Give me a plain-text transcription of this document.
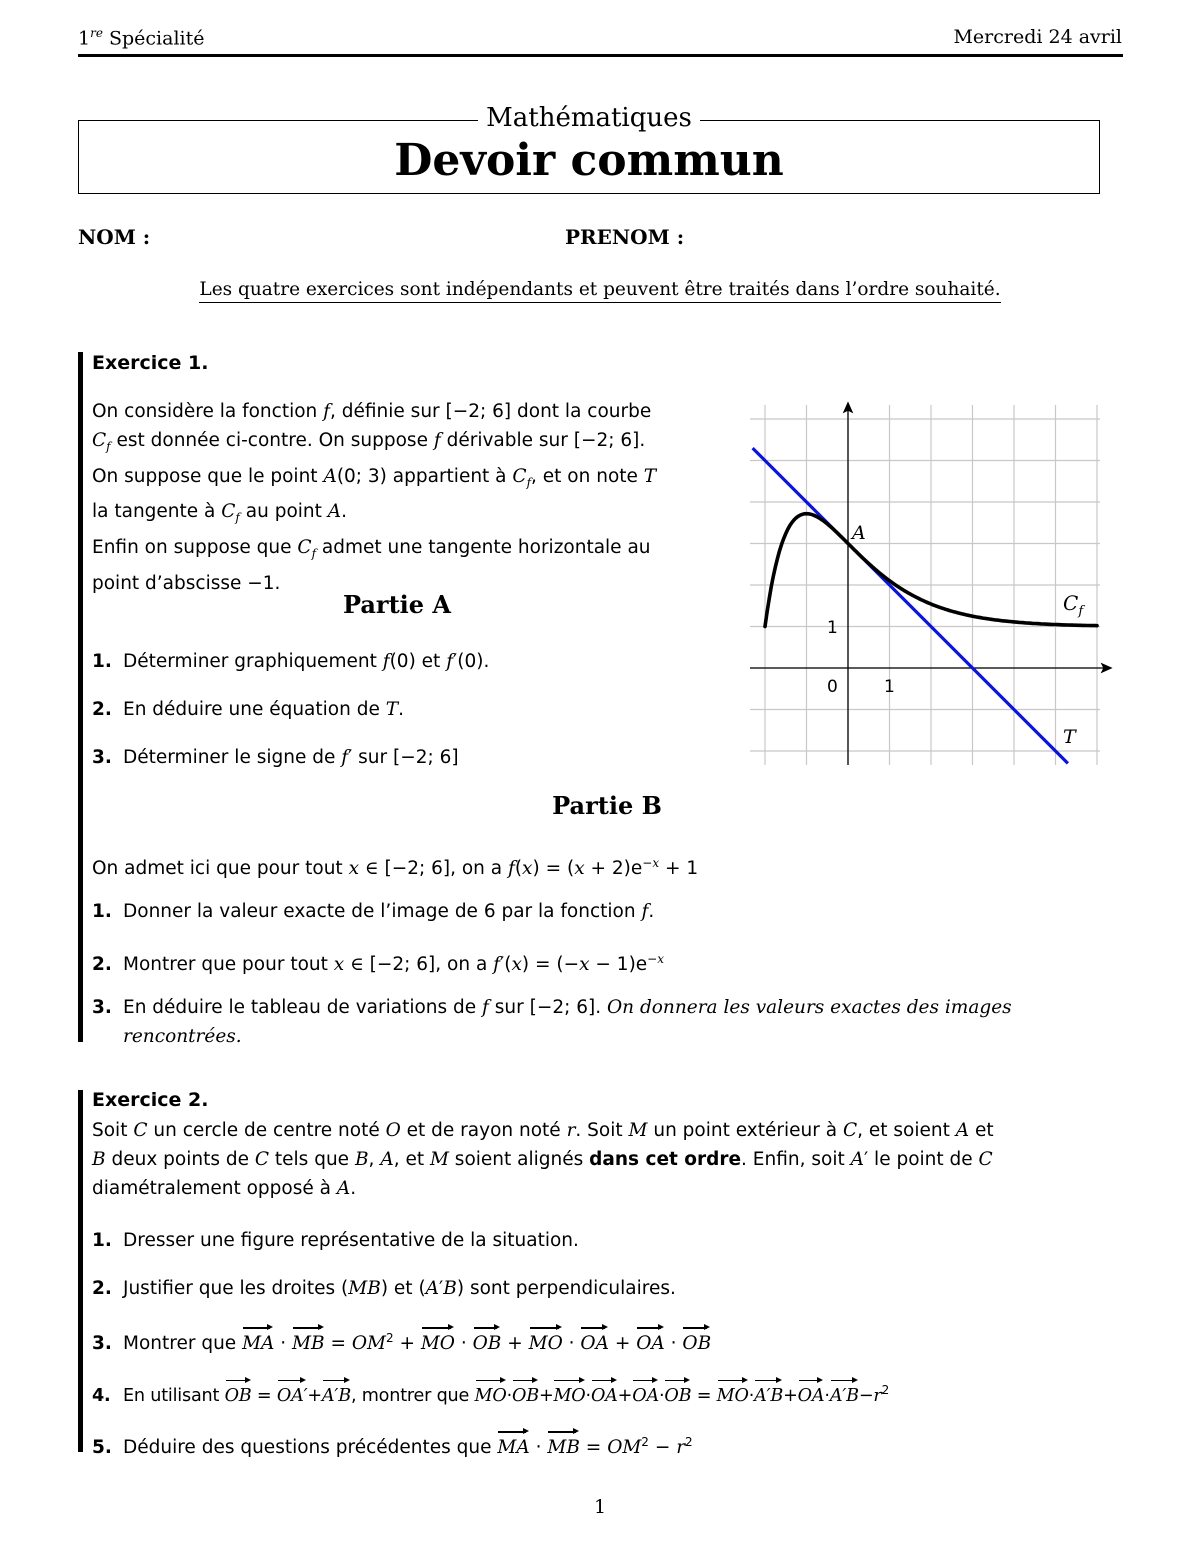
1re Spécialité	Mercredi 24 avril
Mathématiques
Devoir commun
NOM :	PRENOM :
Les quatre exercices sont indépendants et peuvent être traités dans l’ordre souhaité.
Exercice 1.
On considère la fonction f, définie sur [−2; 6] dont la courbe
$C_f$ est donnée ci-contre. On suppose f dérivable sur [−2; 6].
On suppose que le point A(0; 3) appartient à $C_f$, et on note T
la tangente à $C_f$ au point A.
Enfin on suppose que $C_f$ admet une tangente horizontale au
point d’abscisse −1.
Partie A
1. Déterminer graphiquement f(0) et f′(0).
2. En déduire une équation de T.
3. Déterminer le signe de f′ sur [−2; 6]
A
$C_f$
T
1
1
0
Partie B
On admet ici que pour tout x ∈ [−2; 6], on a $f(x) = (x + 2)e^{-x} + 1$
1. Donner la valeur exacte de l’image de 6 par la fonction f.
2. Montrer que pour tout x ∈ [−2; 6], on a $f'(x) = (-x - 1)e^{-x}$
3. En déduire le tableau de variations de f sur [−2; 6]. On donnera les valeurs exactes des images
rencontrées.
Exercice 2.
Soit C un cercle de centre noté O et de rayon noté r. Soit M un point extérieur à C, et soient A et
B deux points de C tels que B, A, et M soient alignés dans cet ordre. Enfin, soit A′ le point de C
diamétralement opposé à A.
1. Dresser une figure représentative de la situation.
2. Justifier que les droites (MB) et (A′B) sont perpendiculaires.
3. Montrer que MA · MB = $OM^2$ + MO · OB + MO · OA + OA · OB
4. En utilisant OB = OA′+A′B, montrer que $MO\cdot OB+MO\cdot OA+OA\cdot OB = MO\cdot A'B+OA\cdot A'B-r^2$
5. Déduire des questions précédentes que MA · MB = $OM^2 - r^2$
1
